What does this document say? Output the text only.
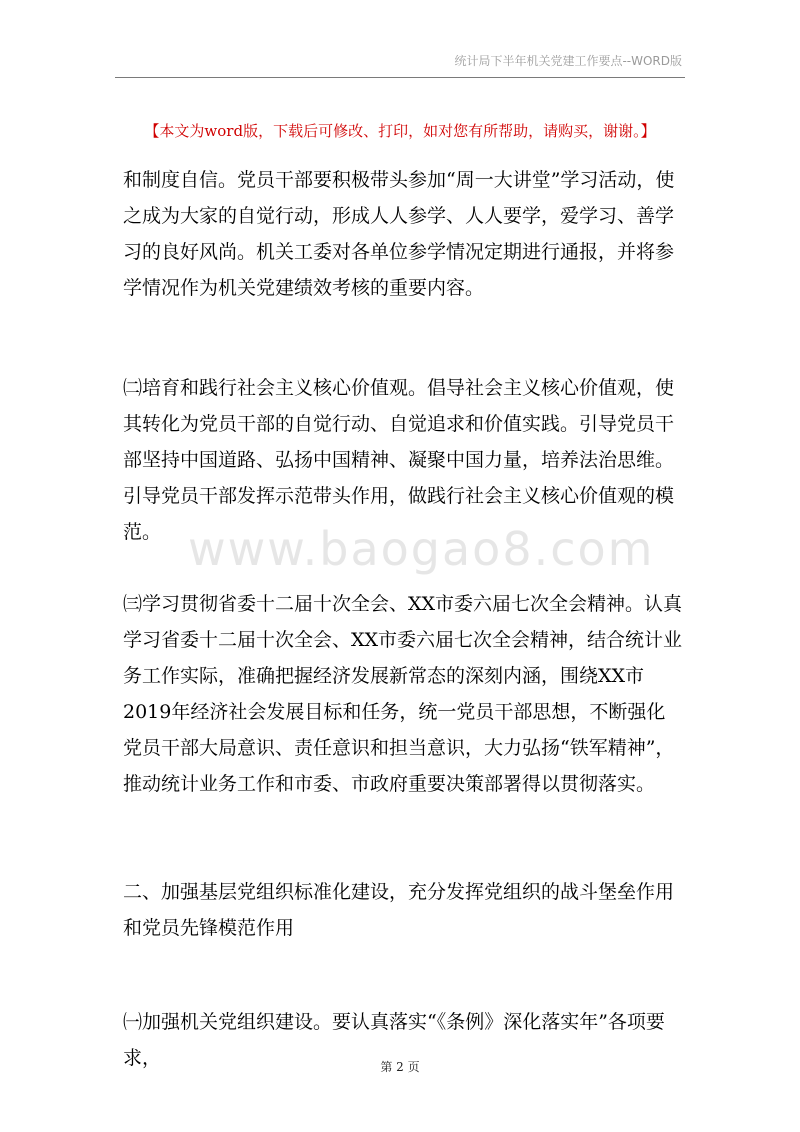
统计局下半年机关党建工作要点--WORD版
【本文为word版，下载后可修改、打印，如对您有所帮助，请购买，谢谢。】
www.baogao8.com

和制度自信。党员干部要积极带头参加“周一大讲堂”学习活动，使之成为大家的自觉行动，形成人人参学、人人要学，爱学习、善学习的良好风尚。机关工委对各单位参学情况定期进行通报，并将参学情况作为机关党建绩效考核的重要内容。

㈡培育和践行社会主义核心价值观。倡导社会主义核心价值观，使其转化为党员干部的自觉行动、自觉追求和价值实践。引导党员干部坚持中国道路、弘扬中国精神、凝聚中国力量，培养法治思维。引导党员干部发挥示范带头作用，做践行社会主义核心价值观的模范。

㈢学习贯彻省委十二届十次全会、XX市委六届七次全会精神。认真学习省委十二届十次全会、XX市委六届七次全会精神，结合统计业务工作实际，准确把握经济发展新常态的深刻内涵，围绕XX市2019年经济社会发展目标和任务，统一党员干部思想，不断强化党员干部大局意识、责任意识和担当意识，大力弘扬“铁军精神”，推动统计业务工作和市委、市政府重要决策部署得以贯彻落实。

二、加强基层党组织标准化建设，充分发挥党组织的战斗堡垒作用和党员先锋模范作用

㈠加强机关党组织建设。要认真落实“《条例》深化落实年”各项要求，	第 2 页
